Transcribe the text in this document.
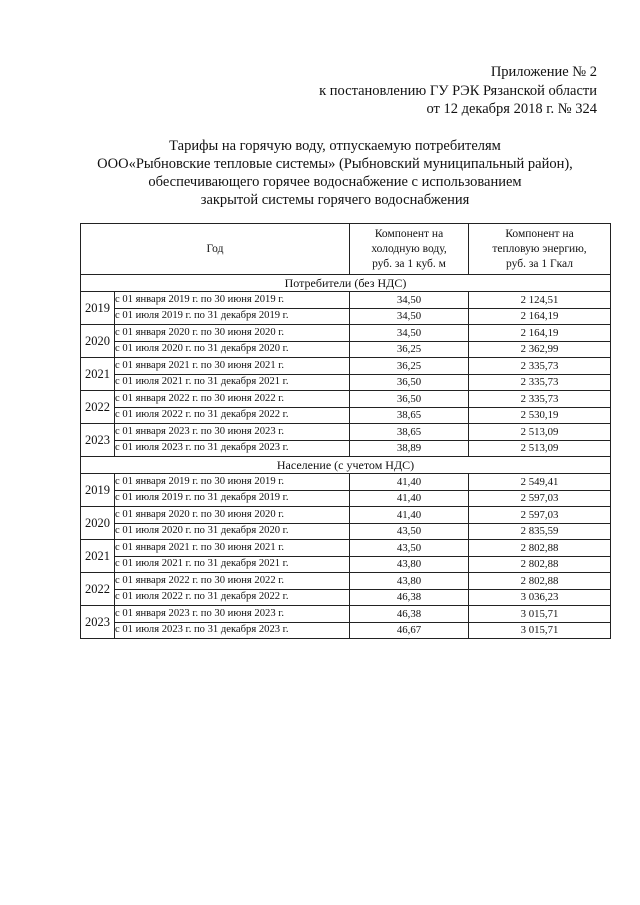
Приложение № 2
к постановлению ГУ РЭК Рязанской области
от 12 декабря 2018 г. № 324
Тарифы на горячую воду, отпускаемую потребителям
ООО«Рыбновские тепловые системы» (Рыбновский муниципальный район),
обеспечивающего горячее водоснабжение с использованием
закрытой системы горячего водоснабжения
Год		Компонент на холодную воду, руб. за 1 куб. м	Компонент на тепловую энергию, руб. за 1 Гкал
Потребители (без НДС)			
2019	с 01 января 2019 г. по 30 июня 2019 г.	34,50	2 124,51
	с 01 июля 2019 г. по 31 декабря 2019 г.	34,50	2 164,19
2020	с 01 января 2020 г. по 30 июня 2020 г.	34,50	2 164,19
	с 01 июля 2020 г. по 31 декабря 2020 г.	36,25	2 362,99
2021	с 01 января 2021 г. по 30 июня 2021 г.	36,25	2 335,73
	с 01 июля 2021 г. по 31 декабря 2021 г.	36,50	2 335,73
2022	с 01 января 2022 г. по 30 июня 2022 г.	36,50	2 335,73
	с 01 июля 2022 г. по 31 декабря 2022 г.	38,65	2 530,19
2023	с 01 января 2023 г. по 30 июня 2023 г.	38,65	2 513,09
	с 01 июля 2023 г. по 31 декабря 2023 г.	38,89	2 513,09
Население (с учетом НДС)			
2019	с 01 января 2019 г. по 30 июня 2019 г.	41,40	2 549,41
	с 01 июля 2019 г. по 31 декабря 2019 г.	41,40	2 597,03
2020	с 01 января 2020 г. по 30 июня 2020 г.	41,40	2 597,03
	с 01 июля 2020 г. по 31 декабря 2020 г.	43,50	2 835,59
2021	с 01 января 2021 г. по 30 июня 2021 г.	43,50	2 802,88
	с 01 июля 2021 г. по 31 декабря 2021 г.	43,80	2 802,88
2022	с 01 января 2022 г. по 30 июня 2022 г.	43,80	2 802,88
	с 01 июля 2022 г. по 31 декабря 2022 г.	46,38	3 036,23
2023	с 01 января 2023 г. по 30 июня 2023 г.	46,38	3 015,71
	с 01 июля 2023 г. по 31 декабря 2023 г.	46,67	3 015,71
